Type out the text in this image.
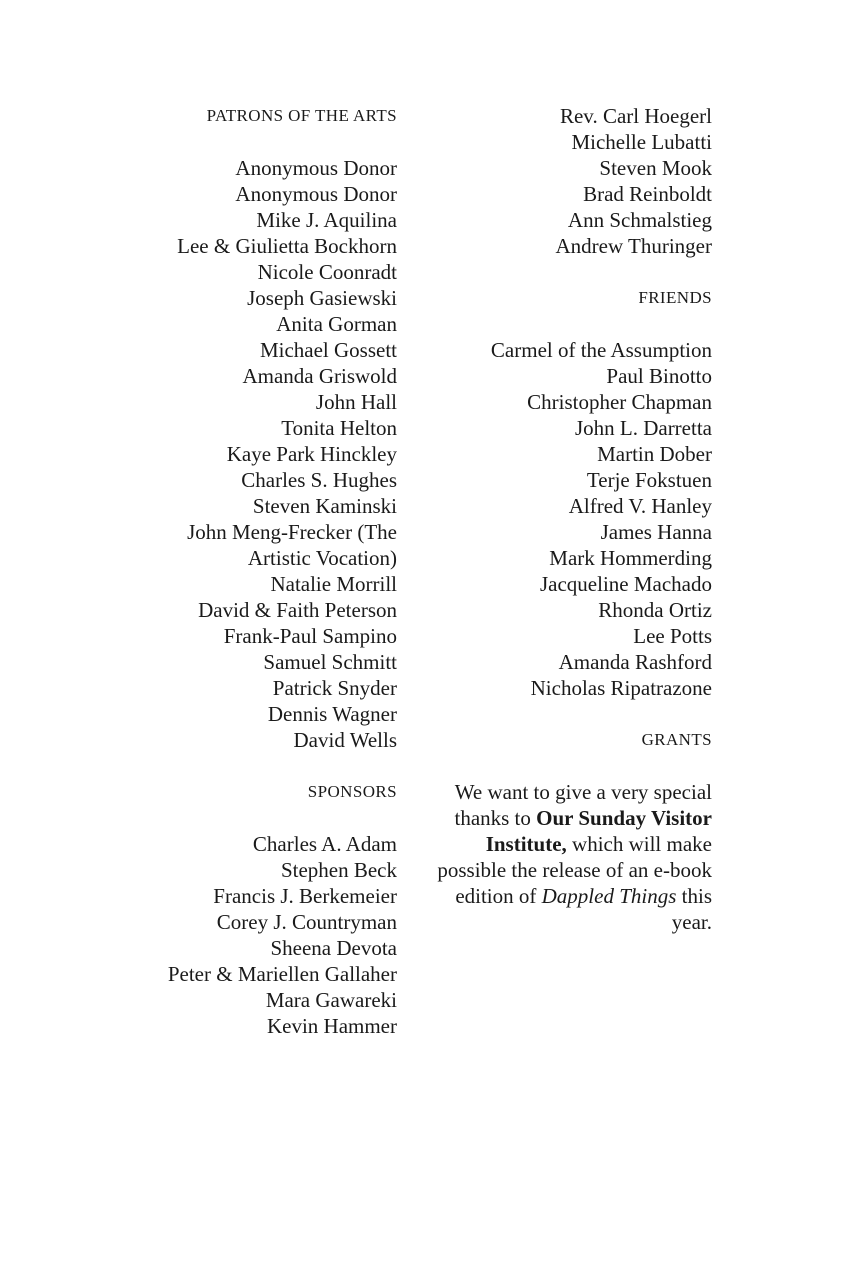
PATRONS OF THE ARTS
Anonymous Donor
Anonymous Donor
Mike J. Aquilina
Lee & Giulietta Bockhorn
Nicole Coonradt
Joseph Gasiewski
Anita Gorman
Michael Gossett
Amanda Griswold
John Hall
Tonita Helton
Kaye Park Hinckley
Charles S. Hughes
Steven Kaminski
John Meng-Frecker (The Artistic Vocation)
Natalie Morrill
David & Faith Peterson
Frank-Paul Sampino
Samuel Schmitt
Patrick Snyder
Dennis Wagner
David Wells
SPONSORS
Charles A. Adam
Stephen Beck
Francis J. Berkemeier
Corey J. Countryman
Sheena Devota
Peter & Mariellen Gallaher
Mara Gawareki
Kevin Hammer
Rev. Carl Hoegerl
Michelle Lubatti
Steven Mook
Brad Reinboldt
Ann Schmalstieg
Andrew Thuringer
FRIENDS
Carmel of the Assumption
Paul Binotto
Christopher Chapman
John L. Darretta
Martin Dober
Terje Fokstuen
Alfred V. Hanley
James Hanna
Mark Hommerding
Jacqueline Machado
Rhonda Ortiz
Lee Potts
Amanda Rashford
Nicholas Ripatrazone
GRANTS

We want to give a very special thanks to Our Sunday Visitor Institute, which will make possible the release of an e-book edition of Dappled Things this year.
